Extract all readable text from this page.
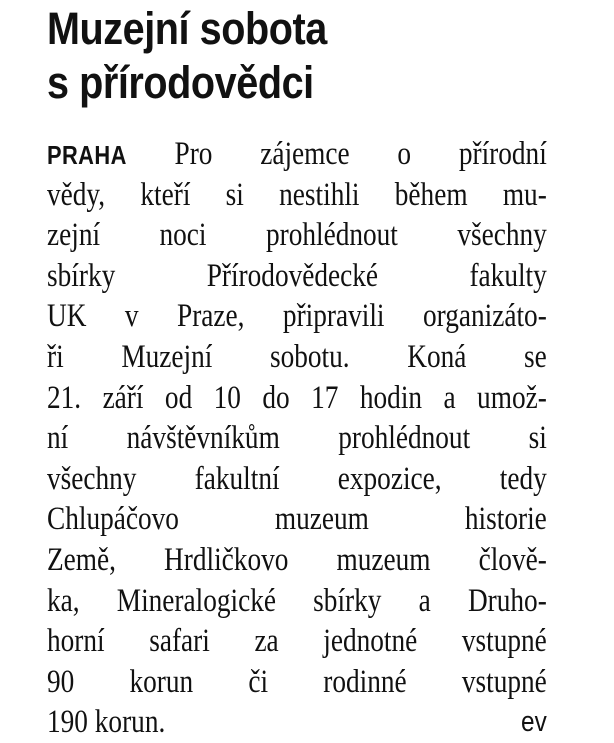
Muzejní sobota
s přírodovědci
PRAHA Pro zájemce o přírodní
vědy, kteří si nestihli během mu-
zejní noci prohlédnout všechny
sbírky Přírodovědecké fakulty
UK v Praze, připravili organizáto-
ři Muzejní sobotu. Koná se
21. září od 10 do 17 hodin a umož-
ní návštěvníkům prohlédnout si
všechny fakultní expozice, tedy
Chlupáčovo muzeum historie
Země, Hrdličkovo muzeum člově-
ka, Mineralogické sbírky a Druho-
horní safari za jednotné vstupné
90 korun či rodinné vstupné
190 korun.	ev
